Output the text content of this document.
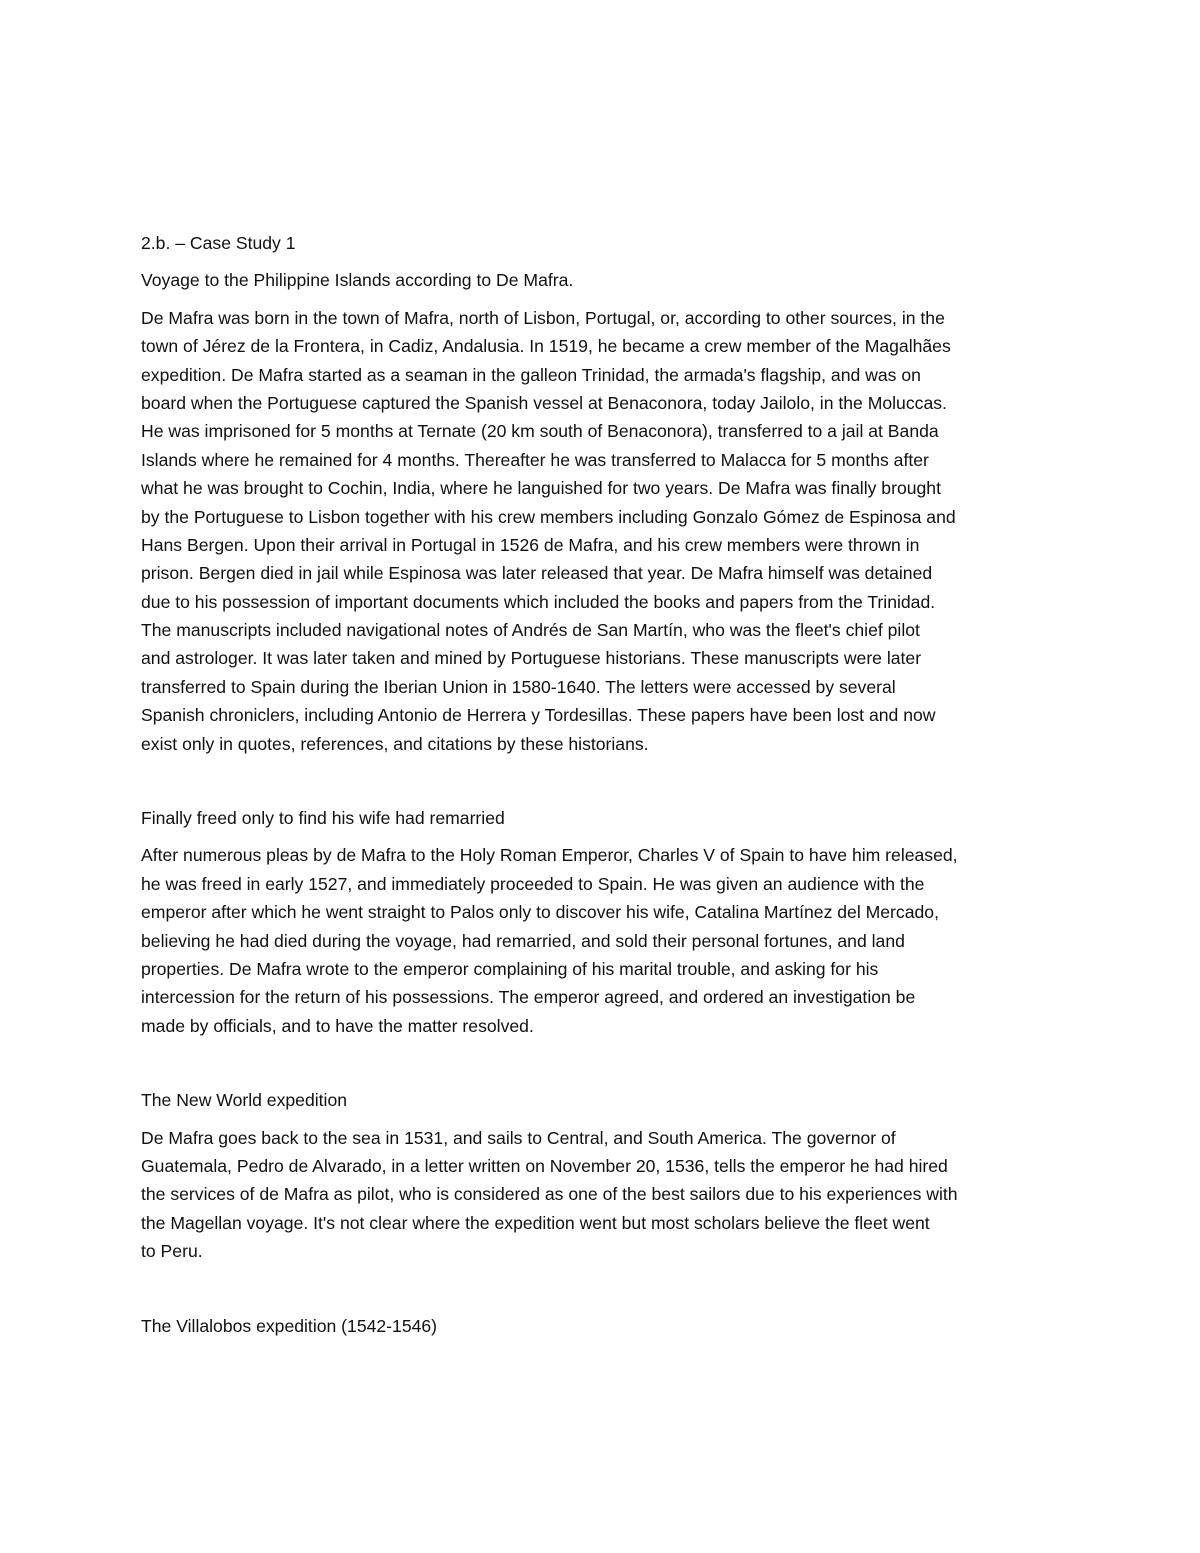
2.b. – Case Study 1
Voyage to the Philippine Islands according to De Mafra.
De Mafra was born in the town of Mafra, north of Lisbon, Portugal, or, according to other sources, in the
town of Jérez de la Frontera, in Cadiz, Andalusia. In 1519, he became a crew member of the Magalhães
expedition. De Mafra started as a seaman in the galleon Trinidad, the armada's flagship, and was on
board when the Portuguese captured the Spanish vessel at Benaconora, today Jailolo, in the Moluccas.
He was imprisoned for 5 months at Ternate (20 km south of Benaconora), transferred to a jail at Banda
Islands where he remained for 4 months. Thereafter he was transferred to Malacca for 5 months after
what he was brought to Cochin, India, where he languished for two years. De Mafra was finally brought
by the Portuguese to Lisbon together with his crew members including Gonzalo Gómez de Espinosa and
Hans Bergen. Upon their arrival in Portugal in 1526 de Mafra, and his crew members were thrown in
prison. Bergen died in jail while Espinosa was later released that year. De Mafra himself was detained
due to his possession of important documents which included the books and papers from the Trinidad.
The manuscripts included navigational notes of Andrés de San Martín, who was the fleet's chief pilot
and astrologer. It was later taken and mined by Portuguese historians. These manuscripts were later
transferred to Spain during the Iberian Union in 1580-1640. The letters were accessed by several
Spanish chroniclers, including Antonio de Herrera y Tordesillas. These papers have been lost and now
exist only in quotes, references, and citations by these historians.
Finally freed only to find his wife had remarried
After numerous pleas by de Mafra to the Holy Roman Emperor, Charles V of Spain to have him released,
he was freed in early 1527, and immediately proceeded to Spain. He was given an audience with the
emperor after which he went straight to Palos only to discover his wife, Catalina Martínez del Mercado,
believing he had died during the voyage, had remarried, and sold their personal fortunes, and land
properties. De Mafra wrote to the emperor complaining of his marital trouble, and asking for his
intercession for the return of his possessions. The emperor agreed, and ordered an investigation be
made by officials, and to have the matter resolved.
The New World expedition
De Mafra goes back to the sea in 1531, and sails to Central, and South America. The governor of
Guatemala, Pedro de Alvarado, in a letter written on November 20, 1536, tells the emperor he had hired
the services of de Mafra as pilot, who is considered as one of the best sailors due to his experiences with
the Magellan voyage. It's not clear where the expedition went but most scholars believe the fleet went
to Peru.
The Villalobos expedition (1542-1546)
